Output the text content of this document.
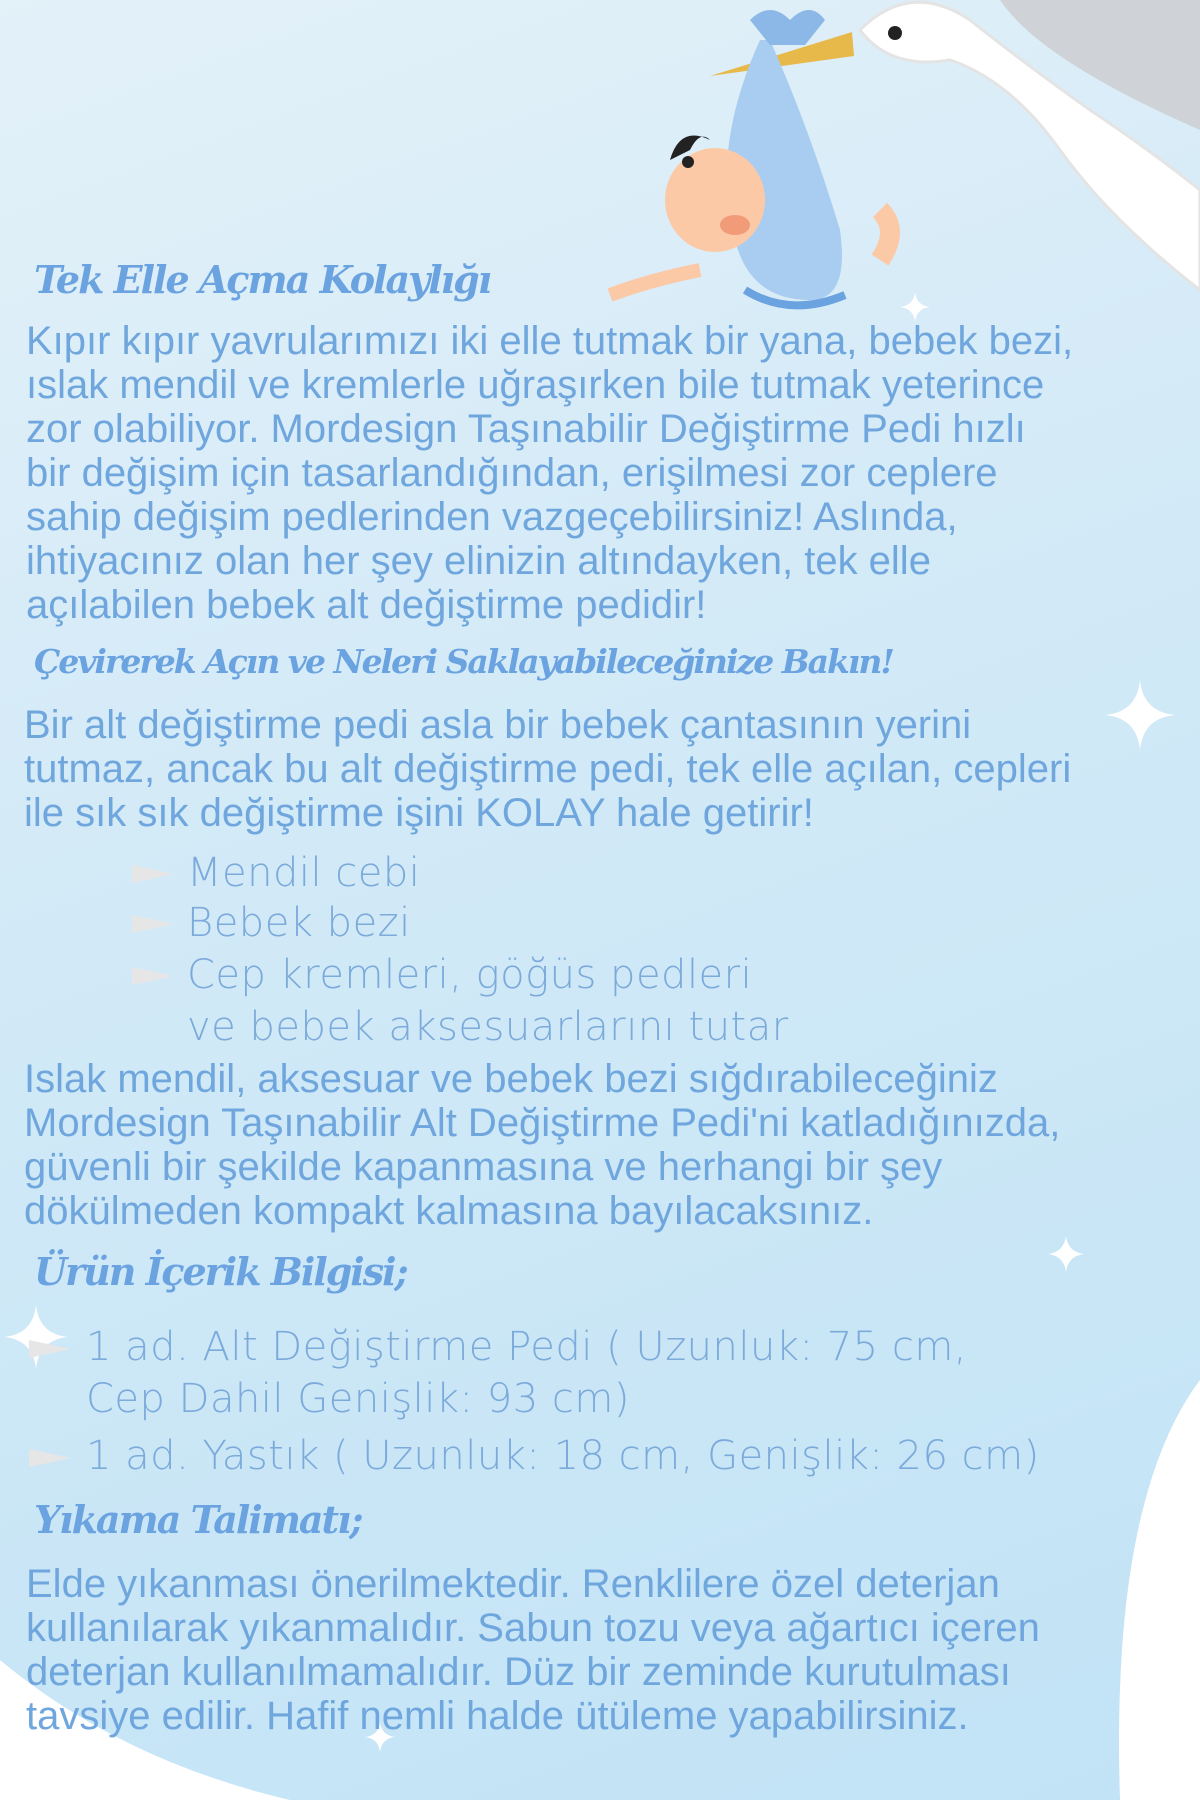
Tek Elle Açma Kolaylığı
Kıpır kıpır yavrularımızı iki elle tutmak bir yana, bebek bezi,
ıslak mendil ve kremlerle uğraşırken bile tutmak yeterince
zor olabiliyor. Mordesign Taşınabilir Değiştirme Pedi hızlı
bir değişim için tasarlandığından, erişilmesi zor ceplere
sahip değişim pedlerinden vazgeçebilirsiniz! Aslında,
ihtiyacınız olan her şey elinizin altındayken, tek elle
açılabilen bebek alt değiştirme pedidir!
Çevirerek Açın ve Neleri Saklayabileceğinize Bakın!
Bir alt değiştirme pedi asla bir bebek çantasının yerini
tutmaz, ancak bu alt değiştirme pedi, tek elle açılan, cepleri
ile sık sık değiştirme işini KOLAY hale getirir!
Mendil cebi
Bebek bezi
Cep kremleri, göğüs pedleri
ve bebek aksesuarlarını tutar
Islak mendil, aksesuar ve bebek bezi sığdırabileceğiniz
Mordesign Taşınabilir Alt Değiştirme Pedi'ni katladığınızda,
güvenli bir şekilde kapanmasına ve herhangi bir şey
dökülmeden kompakt kalmasına bayılacaksınız.
Ürün İçerik Bilgisi;
1 ad. Alt Değiştirme Pedi ( Uzunluk: 75 cm,
Cep Dahil Genişlik: 93 cm)
1 ad. Yastık ( Uzunluk: 18 cm, Genişlik: 26 cm)
Yıkama Talimatı;
Elde yıkanması önerilmektedir. Renklilere özel deterjan
kullanılarak yıkanmalıdır. Sabun tozu veya ağartıcı içeren
deterjan kullanılmamalıdır. Düz bir zeminde kurutulması
tavsiye edilir. Hafif nemli halde ütüleme yapabilirsiniz.
